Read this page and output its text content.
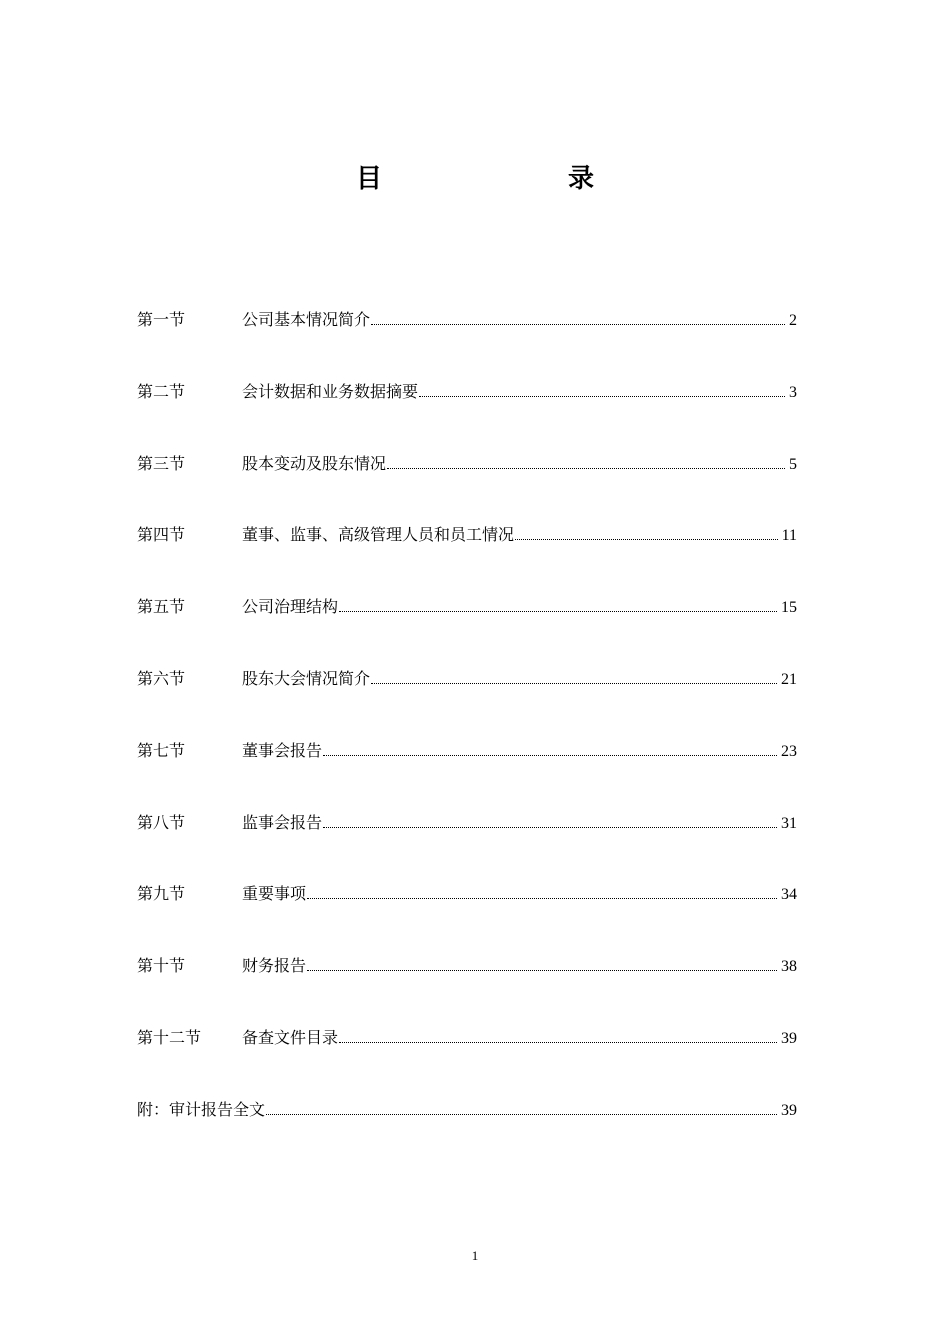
目　录
第一节	公司基本情况简介	2
第二节	会计数据和业务数据摘要	3
第三节	股本变动及股东情况	5
第四节	董事、监事、高级管理人员和员工情况	11
第五节	公司治理结构	15
第六节	股东大会情况简介	21
第七节	董事会报告	23
第八节	监事会报告	31
第九节	重要事项	34
第十节	财务报告	38
第十二节	备查文件目录	39
附：审计报告全文	39
1
